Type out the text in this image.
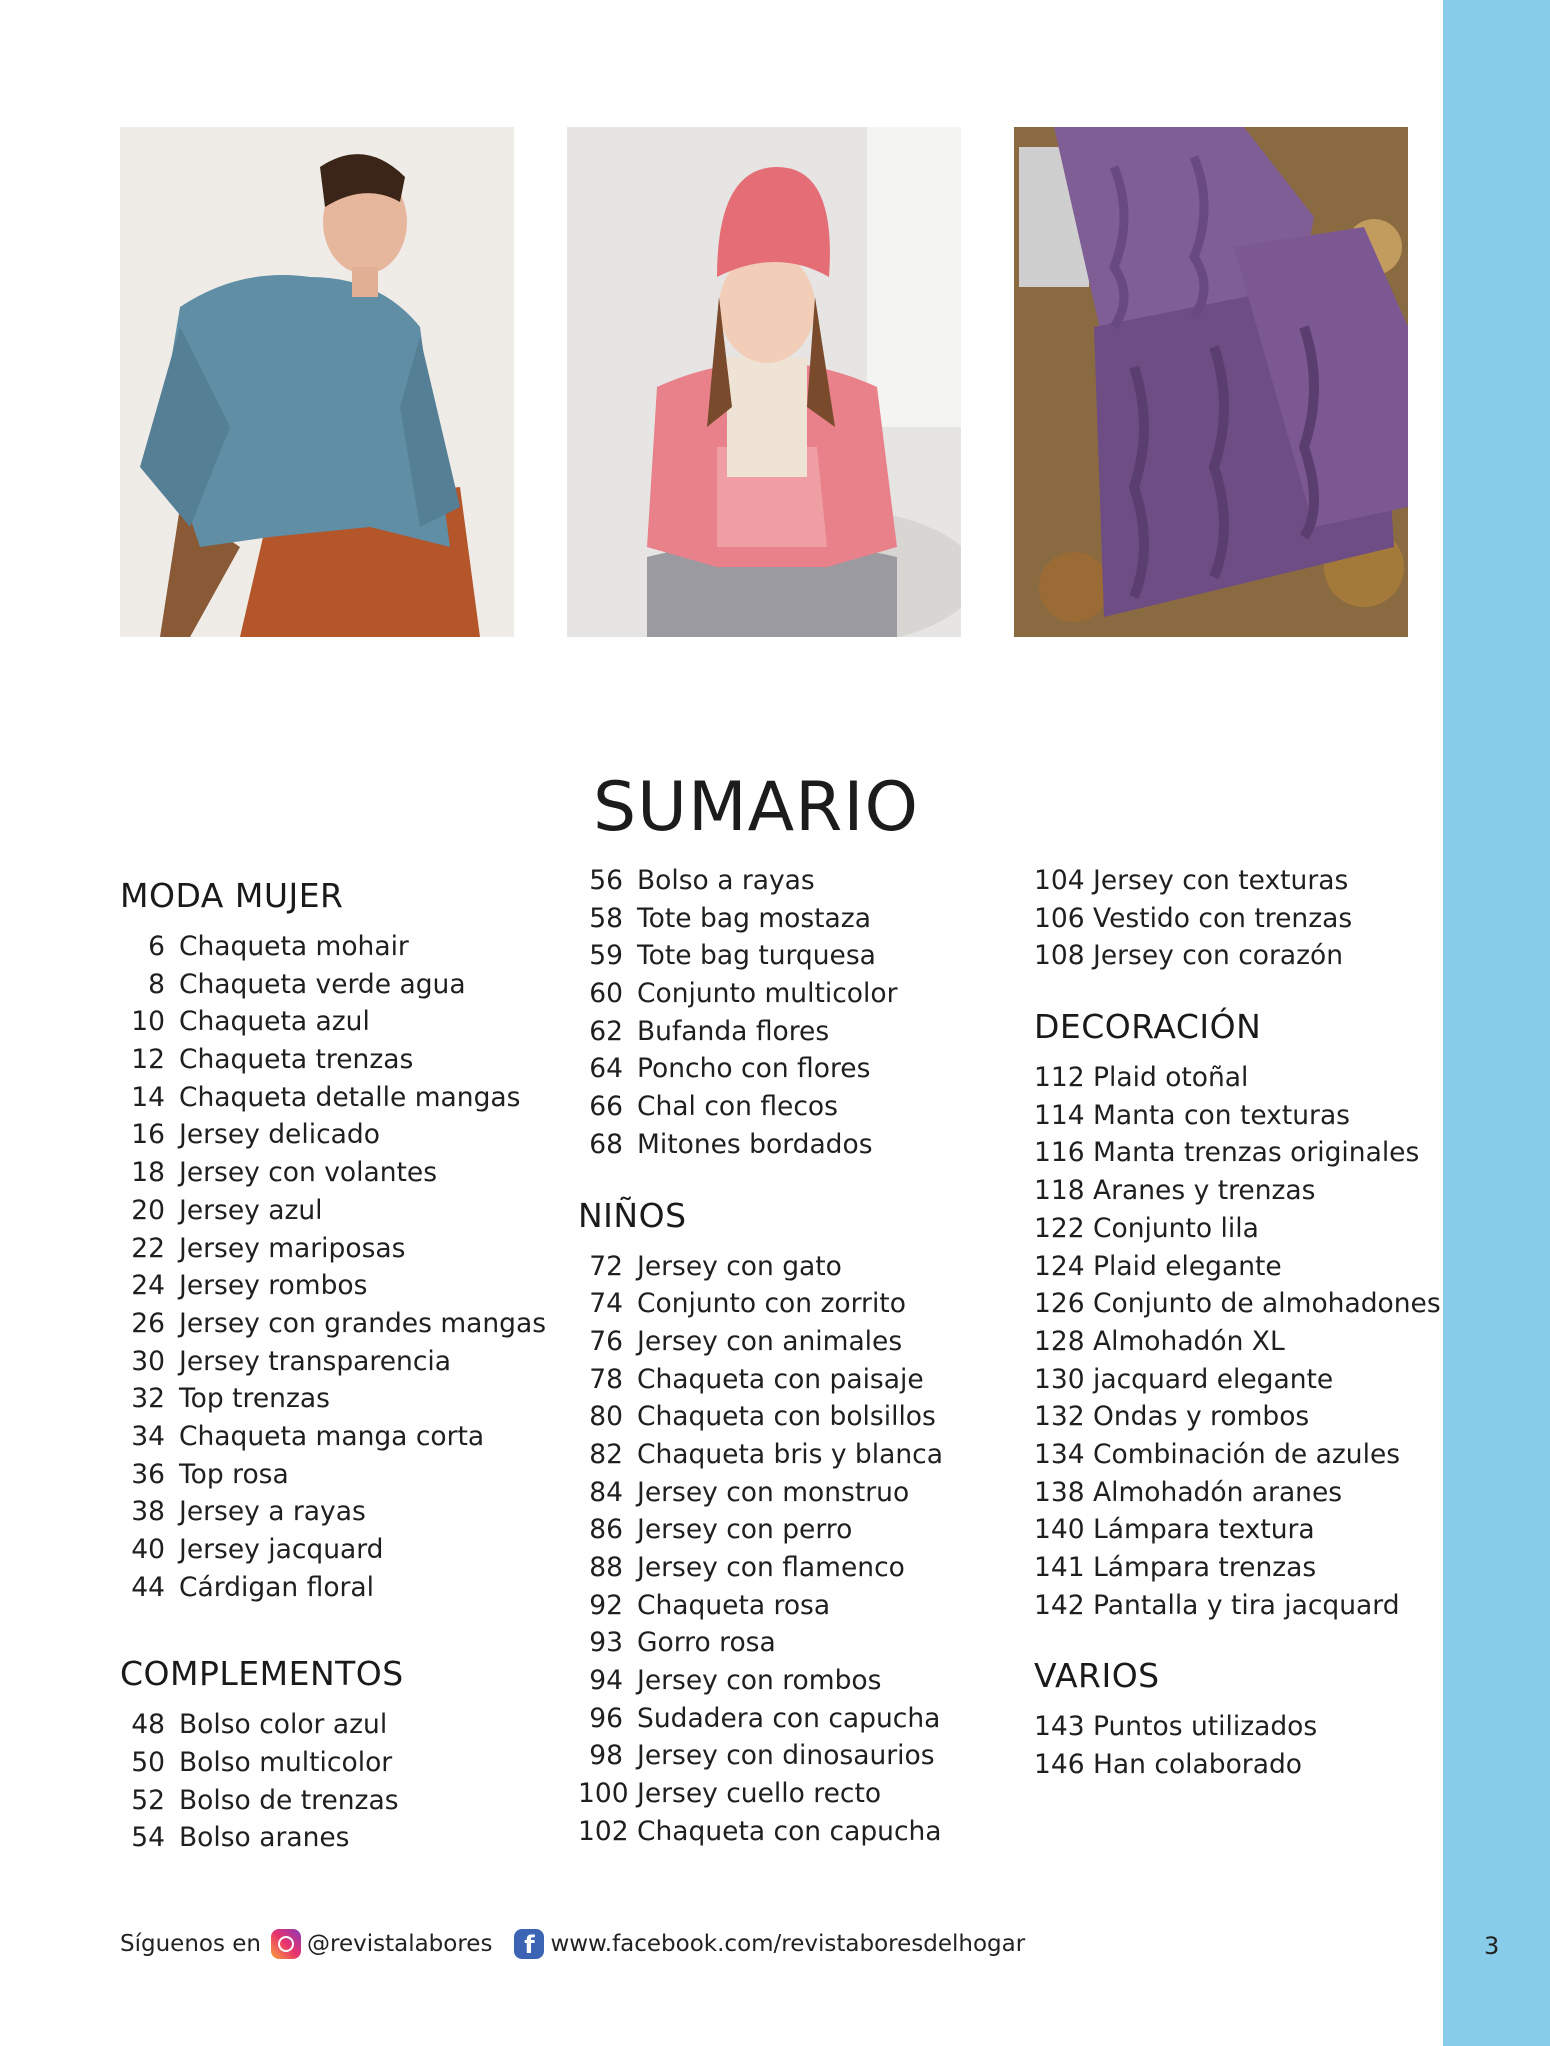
SUMARIO
MODA MUJER
6 Chaqueta mohair
8 Chaqueta verde agua
10 Chaqueta azul
12 Chaqueta trenzas
14 Chaqueta detalle mangas
16 Jersey delicado
18 Jersey con volantes
20 Jersey azul
22 Jersey mariposas
24 Jersey rombos
26 Jersey con grandes mangas
30 Jersey transparencia
32 Top trenzas
34 Chaqueta manga corta
36 Top rosa
38 Jersey a rayas
40 Jersey jacquard
44 Cárdigan floral
COMPLEMENTOS
48 Bolso color azul
50 Bolso multicolor
52 Bolso de trenzas
54 Bolso aranes
56 Bolso a rayas
58 Tote bag mostaza
59 Tote bag turquesa
60 Conjunto multicolor
62 Bufanda flores
64 Poncho con flores
66 Chal con flecos
68 Mitones bordados
NIÑOS
72 Jersey con gato
74 Conjunto con zorrito
76 Jersey con animales
78 Chaqueta con paisaje
80 Chaqueta con bolsillos
82 Chaqueta bris y blanca
84 Jersey con monstruo
86 Jersey con perro
88 Jersey con flamenco
92 Chaqueta rosa
93 Gorro rosa
94 Jersey con rombos
96 Sudadera con capucha
98 Jersey con dinosaurios
100 Jersey cuello recto
102 Chaqueta con capucha
104 Jersey con texturas
106 Vestido con trenzas
108 Jersey con corazón
DECORACIÓN
112 Plaid otoñal
114 Manta con texturas
116 Manta trenzas originales
118 Aranes y trenzas
122 Conjunto lila
124 Plaid elegante
126 Conjunto de almohadones
128 Almohadón XL
130 jacquard elegante
132 Ondas y rombos
134 Combinación de azules
138 Almohadón aranes
140 Lámpara textura
141 Lámpara trenzas
142 Pantalla y tira jacquard
VARIOS
143 Puntos utilizados
146 Han colaborado
Síguenos en @revistalabores	f www.facebook.com/revistaboresdelhogar	3
